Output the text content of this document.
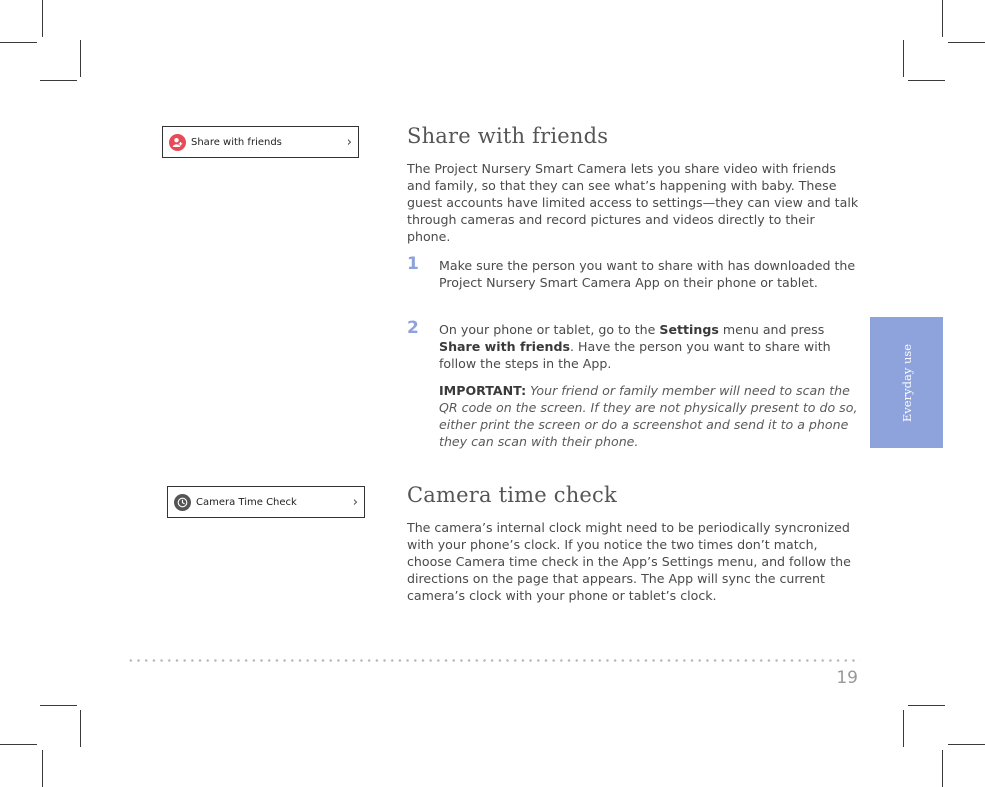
Share with friends	›
Camera Time Check	›
Share with friends

The Project Nursery Smart Camera lets you share video with friends and family, so that they can see what’s happening with baby. These guest accounts have limited access to settings—they can view and talk through cameras and record pictures and videos directly to their phone.

1 Make sure the person you want to share with has downloaded the Project Nursery Smart Camera App on their phone or tablet.

2 On your phone or tablet, go to the Settings menu and press Share with friends. Have the person you want to share with follow the steps in the App.

IMPORTANT: Your friend or family member will need to scan the QR code on the screen. If they are not physically present to do so, either print the screen or do a screenshot and send it to a phone they can scan with their phone.

Camera time check

The camera’s internal clock might need to be periodically syncronized with your phone’s clock. If you notice the two times don’t match, choose Camera time check in the App’s Settings menu, and follow the directions on the page that appears. The App will sync the current camera’s clock with your phone or tablet’s clock.

Everyday use
19
